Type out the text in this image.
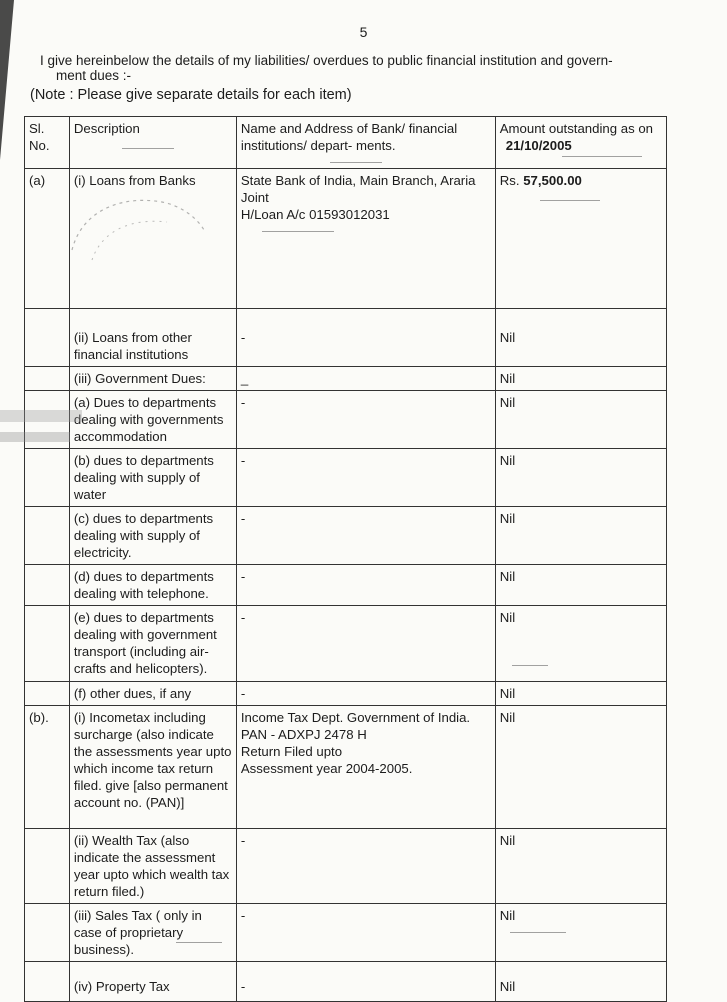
5
I give hereinbelow the details of my liabilities/ overdues to public financial institution and govern-
ment dues :-
(Note : Please give separate details for each item)
Sl. No.	Description	Name and Address of Bank/ financial institutions/ depart- ments.	Amount outstanding as on 21/10/2005
(a)	(i) Loans from Banks	State Bank of India, Main Branch, Araria
Joint
H/Loan A/c 01593012031	Rs. 57,500.00
	(ii) Loans from other financial institutions	-	Nil
	(iii) Government Dues:	_	Nil
	(a) Dues to departments dealing with governments accommodation	-	Nil
	(b) dues to departments dealing with supply of water	-	Nil
	(c) dues to departments dealing with supply of electricity.	-	Nil
	(d) dues to departments dealing with telephone.	-	Nil
	(e) dues to departments dealing with government transport (including air- crafts and helicopters).	-	Nil
	(f) other dues, if any	-	Nil
(b).	(i) Incometax including surcharge (also indicate the assessments year upto which income tax return filed. give [also permanent account no. (PAN)]	Income Tax Dept. Government of India.
PAN - ADXPJ 2478 H
Return Filed upto
Assessment year 2004-2005.	Nil
	(ii) Wealth Tax (also indicate the assessment year upto which wealth tax return filed.)	-	Nil
	(iii) Sales Tax ( only in case of proprietary business).	-	Nil
	(iv) Property Tax	-	Nil
